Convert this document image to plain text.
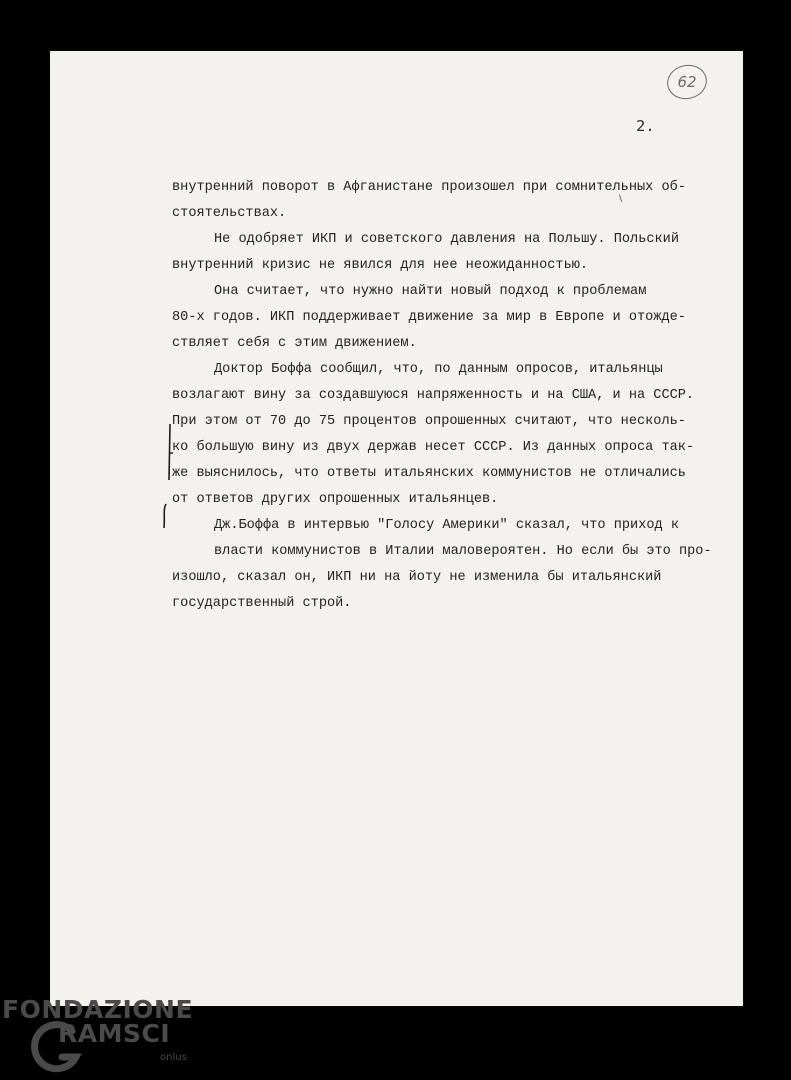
62
2.
\
внутренний поворот в Афганистане произошел при сомнительных об-
стоятельствах.
Не одобряет ИКП и советского давления на Польшу. Польский
внутренний кризис не явился для нее неожиданностью.
Она считает, что нужно найти новый подход к проблемам
80-х годов. ИКП поддерживает движение за мир в Европе и отожде-
ствляет себя с этим движением.
Доктор Боффа сообщил, что, по данным опросов, итальянцы
возлагают вину за создавшуюся напряженность и на США, и на СССР.
При этом от 70 до 75 процентов опрошенных считают, что несколь-
ко большую вину из двух держав несет СССР. Из данных опроса так-
же выяснилось, что ответы итальянских коммунистов не отличались
от ответов других опрошенных итальянцев.
Дж.Боффа в интервью "Голосу Америки" сказал, что приход к
власти коммунистов в Италии маловероятен. Но если бы это про-
изошло, сказал он, ИКП ни на йоту не изменила бы итальянский
государственный строй.
FONDAZIONE
RAMSCI
onlus
